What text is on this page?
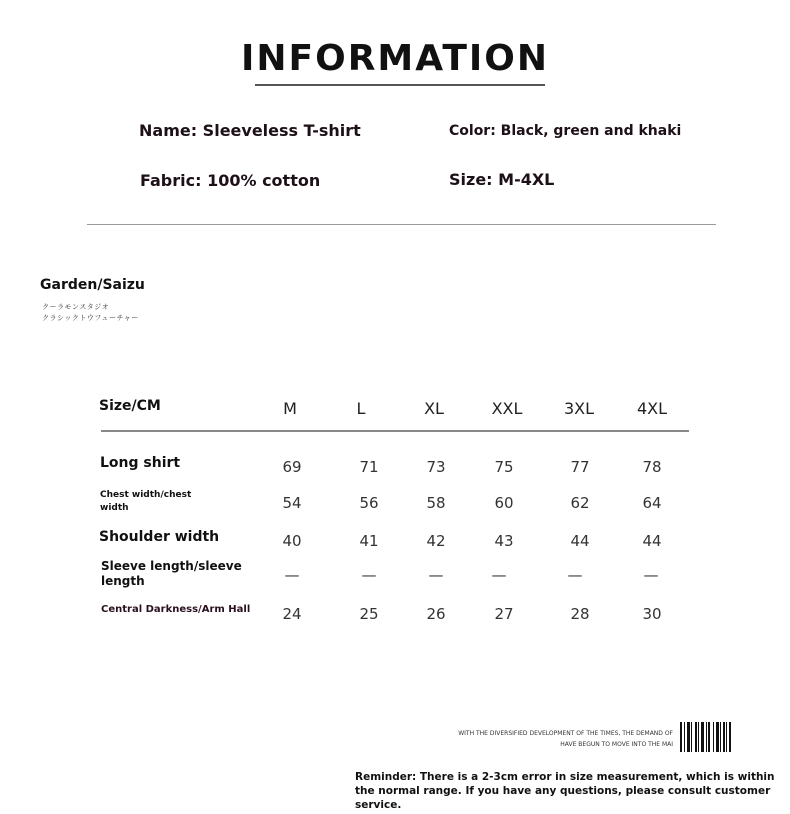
INFORMATION
Name: Sleeveless T-shirt	Color: Black, green and khaki
Fabric: 100% cotton	Size: M-4XL
Garden/Saizu
クーラモンスタジオ
クラシックトウフューチャー
Size/CM	M	L	XL	XXL	3XL	4XL
Long shirt	69	71	73	75	77	78
Chest width/chest width	54	56	58	60	62	64
Shoulder width	40	41	42	43	44	44
Sleeve length/sleeve length	—	—	—	—	—	—
Central Darkness/Arm Hall	24	25	26	27	28	30
WITH THE DIVERSIFIED DEVELOPMENT OF THE TIMES, THE DEMAND OF
HAVE BEGUN TO MOVE INTO THE MAI
Reminder: There is a 2-3cm error in size measurement, which is within the normal range. If you have any questions, please consult customer service.
